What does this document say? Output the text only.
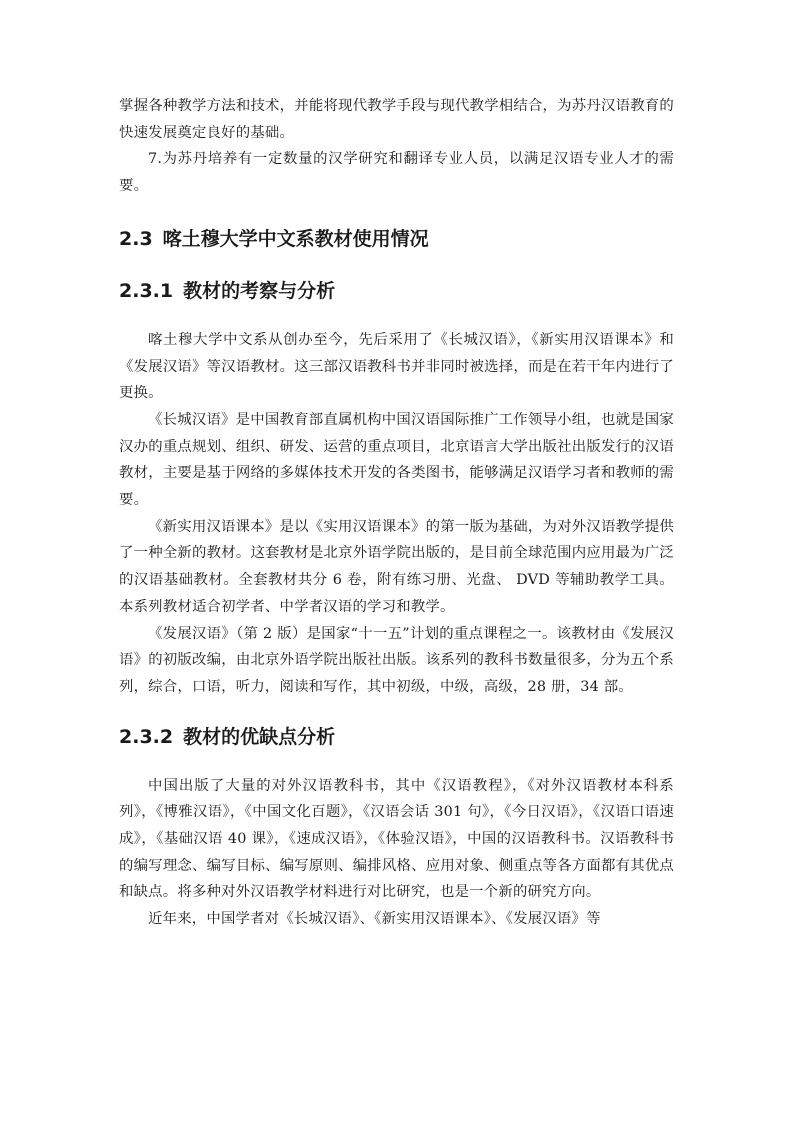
掌握各种教学方法和技术，并能将现代教学手段与现代教学相结合，为苏丹汉语教育的快速发展奠定良好的基础。

7.为苏丹培养有一定数量的汉学研究和翻译专业人员，以满足汉语专业人才的需要。

2.3 喀土穆大学中文系教材使用情况
2.3.1 教材的考察与分析

喀土穆大学中文系从创办至今，先后采用了《长城汉语》，《新实用汉语课本》和《发展汉语》等汉语教材。这三部汉语教科书并非同时被选择，而是在若干年内进行了更换。

《长城汉语》是中国教育部直属机构中国汉语国际推广工作领导小组，也就是国家汉办的重点规划、组织、研发、运营的重点项目，北京语言大学出版社出版发行的汉语教材，主要是基于网络的多媒体技术开发的各类图书，能够满足汉语学习者和教师的需要。

《新实用汉语课本》是以《实用汉语课本》的第一版为基础，为对外汉语教学提供了一种全新的教材。这套教材是北京外语学院出版的，是目前全球范围内应用最为广泛的汉语基础教材。全套教材共分 6 卷，附有练习册、光盘、 DVD 等辅助教学工具。本系列教材适合初学者、中学者汉语的学习和教学。

《发展汉语》（第 2 版）是国家“十一五”计划的重点课程之一。该教材由《发展汉语》的初版改编，由北京外语学院出版社出版。该系列的教科书数量很多，分为五个系列，综合，口语，听力，阅读和写作，其中初级，中级，高级，28 册，34 部。

2.3.2 教材的优缺点分析

中国出版了大量的对外汉语教科书，其中《汉语教程》，《对外汉语教材本科系列》，《博雅汉语》，《中国文化百题》，《汉语会话 301 句》，《今日汉语》，《汉语口语速成》，《基础汉语 40 课》，《速成汉语》，《体验汉语》，中国的汉语教科书。汉语教科书的编写理念、编写目标、编写原则、编排风格、应用对象、侧重点等各方面都有其优点和缺点。将多种对外汉语教学材料进行对比研究，也是一个新的研究方向。

近年来，中国学者对《长城汉语》、《新实用汉语课本》、《发展汉语》等
